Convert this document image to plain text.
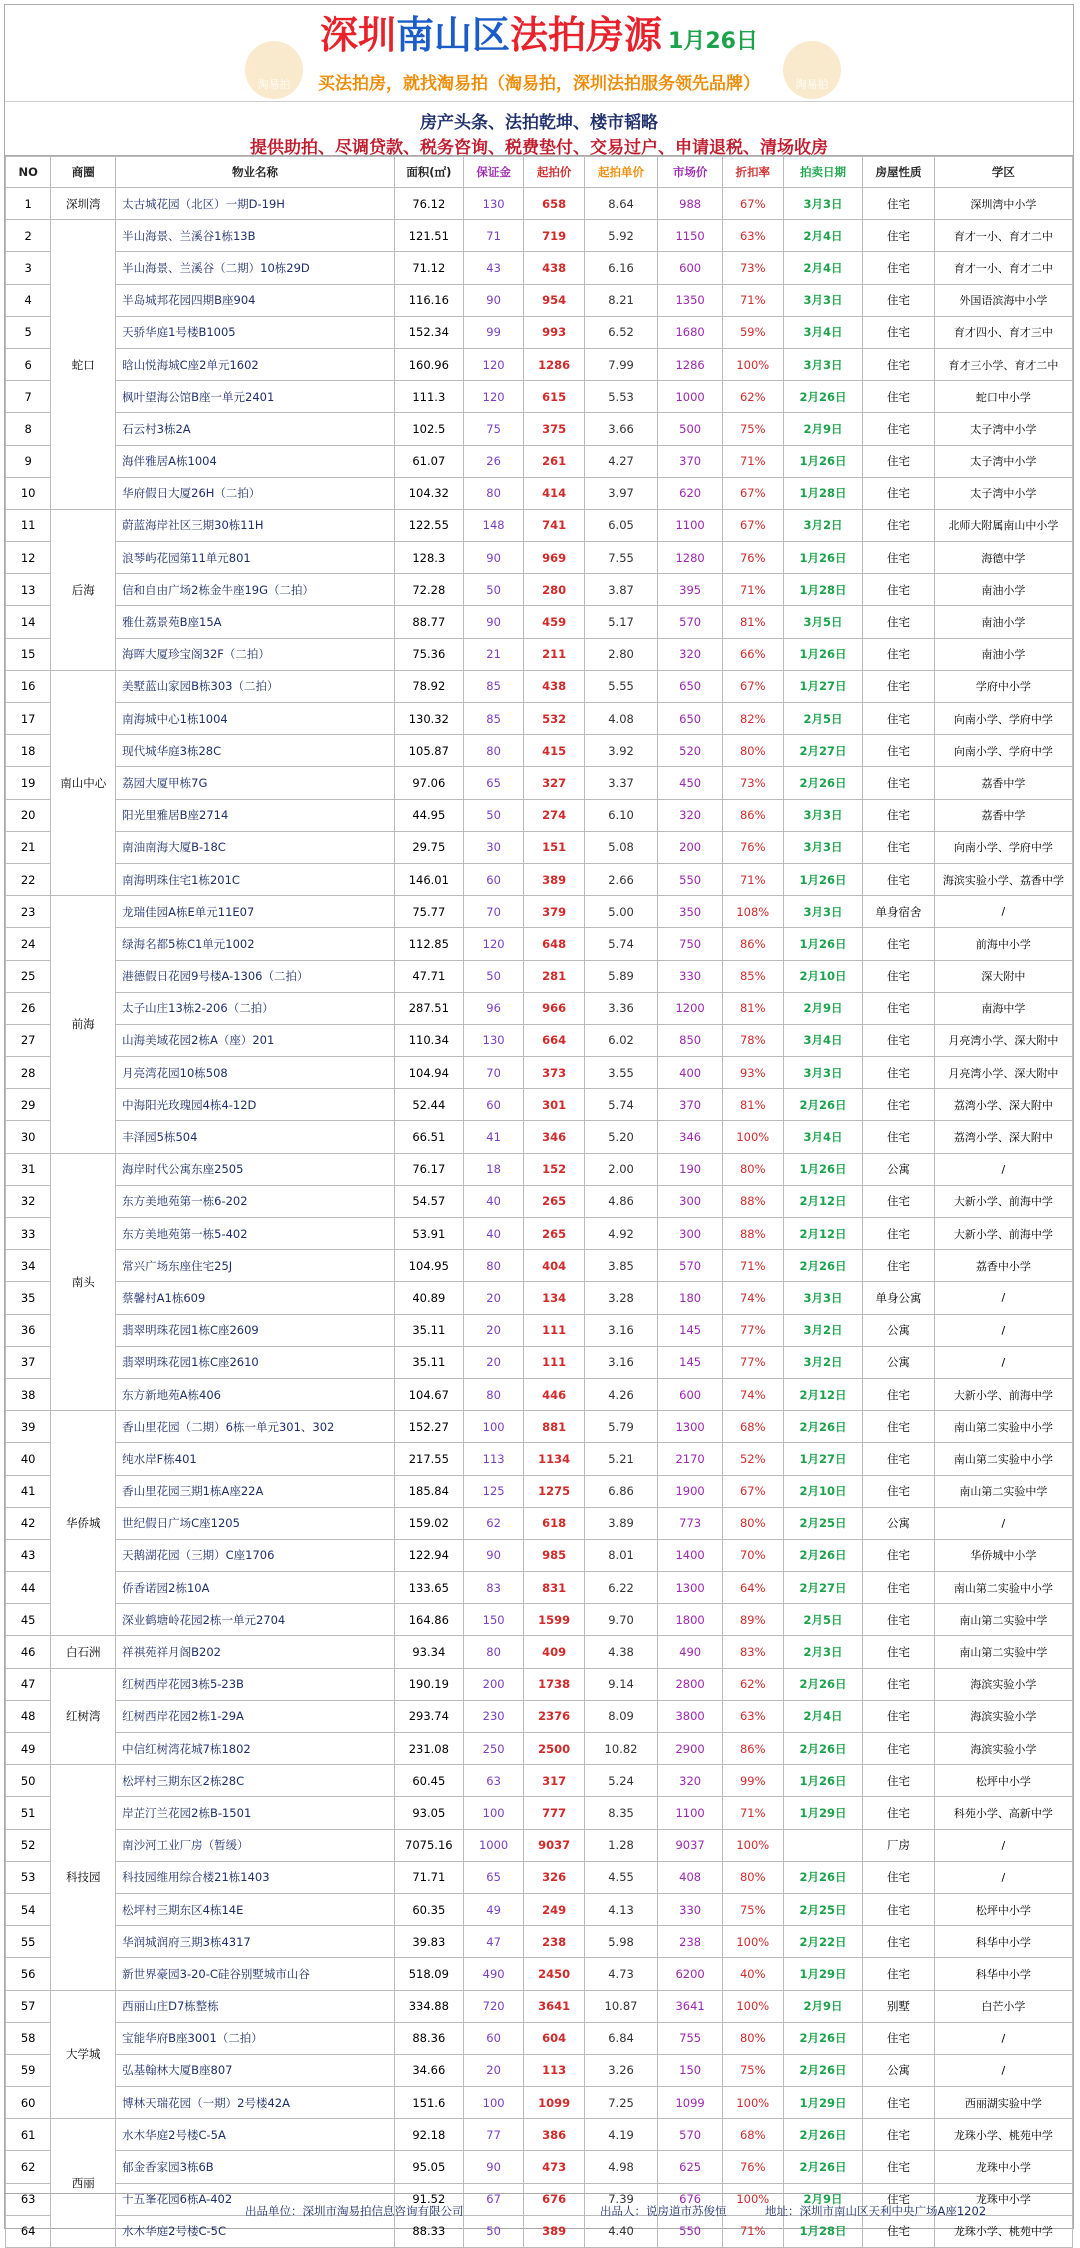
淘易拍	淘易拍
深圳南山区法拍房源 1月26日
买法拍房，就找淘易拍（淘易拍，深圳法拍服务领先品牌）
房产头条、法拍乾坤、楼市韬略
提供助拍、尽调贷款、税务咨询、税费垫付、交易过户、申请退税、清场收房
NO	商圈	物业名称	面积(㎡)	保证金	起拍价	起拍单价	市场价	折扣率	拍卖日期	房屋性质	学区
1	深圳湾	太古城花园（北区）一期D-19H	76.12	130	658	8.64	988	67%	3月3日	住宅	深圳湾中小学
2	蛇口	半山海景、兰溪谷1栋13B	121.51	71	719	5.92	1150	63%	2月4日	住宅	育才一小、育才二中
3		半山海景、兰溪谷（二期）10栋29D	71.12	43	438	6.16	600	73%	2月4日	住宅	育才一小、育才二中
4		半岛城邦花园四期B座904	116.16	90	954	8.21	1350	71%	3月3日	住宅	外国语滨海中小学
5		天骄华庭1号楼B1005	152.34	99	993	6.52	1680	59%	3月4日	住宅	育才四小、育才三中
6		晗山悦海城C座2单元1602	160.96	120	1286	7.99	1286	100%	3月3日	住宅	育才三小学、育才二中
7		枫叶望海公馆B座一单元2401	111.3	120	615	5.53	1000	62%	2月26日	住宅	蛇口中小学
8		石云村3栋2A	102.5	75	375	3.66	500	75%	2月9日	住宅	太子湾中小学
9		海伴雅居A栋1004	61.07	26	261	4.27	370	71%	1月26日	住宅	太子湾中小学
10		华府假日大厦26H（二拍）	104.32	80	414	3.97	620	67%	1月28日	住宅	太子湾中小学
11	后海	蔚蓝海岸社区三期30栋11H	122.55	148	741	6.05	1100	67%	3月2日	住宅	北师大附属南山中小学
12		浪琴屿花园第11单元801	128.3	90	969	7.55	1280	76%	1月26日	住宅	海德中学
13		信和自由广场2栋金牛座19G（二拍）	72.28	50	280	3.87	395	71%	1月28日	住宅	南油小学
14		雅仕荔景苑B座15A	88.77	90	459	5.17	570	81%	3月5日	住宅	南油小学
15		海晖大厦珍宝阁32F（二拍）	75.36	21	211	2.80	320	66%	1月26日	住宅	南油小学
16	南山中心	美墅蓝山家园B栋303（二拍）	78.92	85	438	5.55	650	67%	1月27日	住宅	学府中小学
17		南海城中心1栋1004	130.32	85	532	4.08	650	82%	2月5日	住宅	向南小学、学府中学
18		现代城华庭3栋28C	105.87	80	415	3.92	520	80%	2月27日	住宅	向南小学、学府中学
19		荔园大厦甲栋7G	97.06	65	327	3.37	450	73%	2月26日	住宅	荔香中学
20		阳光里雅居B座2714	44.95	50	274	6.10	320	86%	3月3日	住宅	荔香中学
21		南油南海大厦B-18C	29.75	30	151	5.08	200	76%	3月3日	住宅	向南小学、学府中学
22		南海明珠住宅1栋201C	146.01	60	389	2.66	550	71%	1月26日	住宅	海滨实验小学、荔香中学
23	前海	龙瑞佳园A栋E单元11E07	75.77	70	379	5.00	350	108%	3月3日	单身宿舍	/
24		绿海名都5栋C1单元1002	112.85	120	648	5.74	750	86%	1月26日	住宅	前海中小学
25		港德假日花园9号楼A-1306（二拍）	47.71	50	281	5.89	330	85%	2月10日	住宅	深大附中
26		太子山庄13栋2-206（二拍）	287.51	96	966	3.36	1200	81%	2月9日	住宅	南海中学
27		山海美域花园2栋A（座）201	110.34	130	664	6.02	850	78%	3月4日	住宅	月亮湾小学、深大附中
28		月亮湾花园10栋508	104.94	70	373	3.55	400	93%	3月3日	住宅	月亮湾小学、深大附中
29		中海阳光玫瑰园4栋4-12D	52.44	60	301	5.74	370	81%	2月26日	住宅	荔湾小学、深大附中
30		丰泽园5栋504	66.51	41	346	5.20	346	100%	3月4日	住宅	荔湾小学、深大附中
31	南头	海岸时代公寓东座2505	76.17	18	152	2.00	190	80%	1月26日	公寓	/
32		东方美地苑第一栋6-202	54.57	40	265	4.86	300	88%	2月12日	住宅	大新小学、前海中学
33		东方美地苑第一栋5-402	53.91	40	265	4.92	300	88%	2月12日	住宅	大新小学、前海中学
34		常兴广场东座住宅25J	104.95	80	404	3.85	570	71%	2月26日	住宅	荔香中小学
35		蔡馨村A1栋609	40.89	20	134	3.28	180	74%	3月3日	单身公寓	/
36		翡翠明珠花园1栋C座2609	35.11	20	111	3.16	145	77%	3月2日	公寓	/
37		翡翠明珠花园1栋C座2610	35.11	20	111	3.16	145	77%	3月2日	公寓	/
38		东方新地苑A栋406	104.67	80	446	4.26	600	74%	2月12日	住宅	大新小学、前海中学
39	华侨城	香山里花园（二期）6栋一单元301、302	152.27	100	881	5.79	1300	68%	2月26日	住宅	南山第二实验中小学
40		纯水岸F栋401	217.55	113	1134	5.21	2170	52%	1月27日	住宅	南山第二实验中小学
41		香山里花园三期1栋A座22A	185.84	125	1275	6.86	1900	67%	2月10日	住宅	南山第二实验中学
42		世纪假日广场C座1205	159.02	62	618	3.89	773	80%	2月25日	公寓	/
43		天鹅湖花园（三期）C座1706	122.94	90	985	8.01	1400	70%	2月26日	住宅	华侨城中小学
44		侨香诺园2栋10A	133.65	83	831	6.22	1300	64%	2月27日	住宅	南山第二实验中小学
45		深业鹤塘岭花园2栋一单元2704	164.86	150	1599	9.70	1800	89%	2月5日	住宅	南山第二实验中学
46	白石洲	祥祺苑祥月阁B202	93.34	80	409	4.38	490	83%	2月3日	住宅	南山第二实验中学
47	红树湾	红树西岸花园3栋5-23B	190.19	200	1738	9.14	2800	62%	2月26日	住宅	海滨实验小学
48		红树西岸花园2栋1-29A	293.74	230	2376	8.09	3800	63%	2月4日	住宅	海滨实验小学
49		中信红树湾花城7栋1802	231.08	250	2500	10.82	2900	86%	2月26日	住宅	海滨实验小学
50	科技园	松坪村三期东区2栋28C	60.45	63	317	5.24	320	99%	1月26日	住宅	松坪中小学
51		岸芷汀兰花园2栋B-1501	93.05	100	777	8.35	1100	71%	1月29日	住宅	科苑小学、高新中学
52		南沙河工业厂房（暂缓）	7075.16	1000	9037	1.28	9037	100%		厂房	/
53		科技园维用综合楼21栋1403	71.71	65	326	4.55	408	80%	2月26日	住宅	/
54		松坪村三期东区4栋14E	60.35	49	249	4.13	330	75%	2月25日	住宅	松坪中小学
55		华润城润府三期3栋4317	39.83	47	238	5.98	238	100%	2月22日	住宅	科华中小学
56		新世界豪园3-20-C硅谷别墅城市山谷	518.09	490	2450	4.73	6200	40%	1月29日	住宅	科华中小学
57	大学城	西丽山庄D7栋整栋	334.88	720	3641	10.87	3641	100%	2月9日	别墅	白芒小学
58		宝能华府B座3001（二拍）	88.36	60	604	6.84	755	80%	2月26日	住宅	/
59		弘基翰林大厦B座807	34.66	20	113	3.26	150	75%	2月26日	公寓	/
60		博林天瑞花园（一期）2号楼42A	151.6	100	1099	7.25	1099	100%	1月29日	住宅	西丽湖实验中学
61	西丽	水木华庭2号楼C-5A	92.18	77	386	4.19	570	68%	2月26日	住宅	龙珠小学、桃苑中学
62		郁金香家园3栋6B	95.05	90	473	4.98	625	76%	2月26日	住宅	龙珠中小学
63		十五峯花园6栋A-402	91.52	67	676	7.39	676	100%	2月9日	住宅	龙珠中小学
64		水木华庭2号楼C-5C	88.33	50	389	4.40	550	71%	1月28日	住宅	龙珠小学、桃苑中学
出品单位：深圳市淘易拍信息咨询有限公司	出品人：说房道市苏俊恒	地址：深圳市南山区天利中央广场A座1202
